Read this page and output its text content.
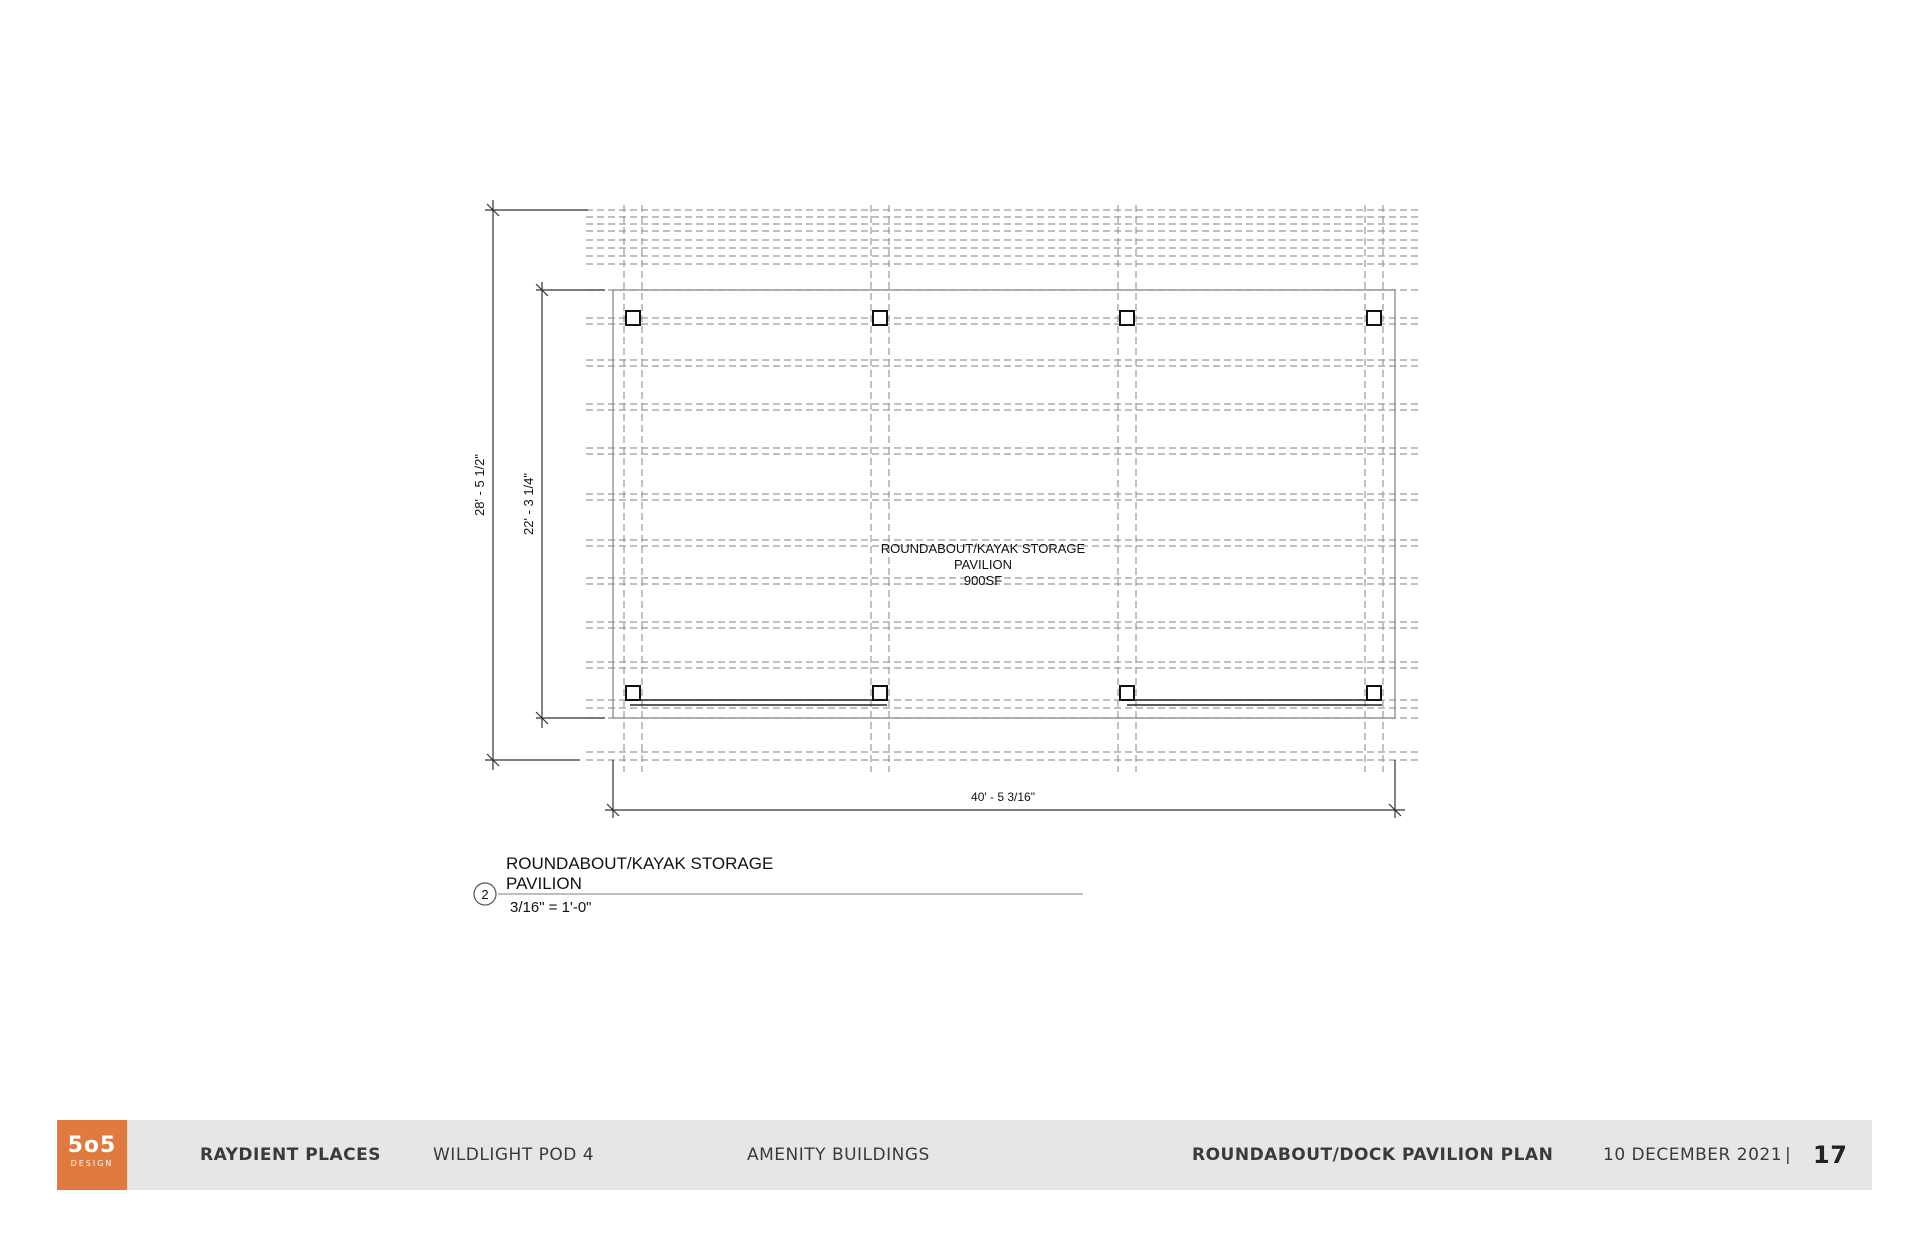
28' - 5 1/2"	22' - 3 1/4"
40' - 5 3/16"
ROUNDABOUT/KAYAK STORAGE
PAVILION
900SF
2
ROUNDABOUT/KAYAK STORAGE
PAVILION
3/16" = 1'-0"
5o5
DESIGN	RAYDIENT PLACES	WILDLIGHT POD 4	AMENITY BUILDINGS	ROUNDABOUT/DOCK PAVILION PLAN	10 DECEMBER 2021 | 17
